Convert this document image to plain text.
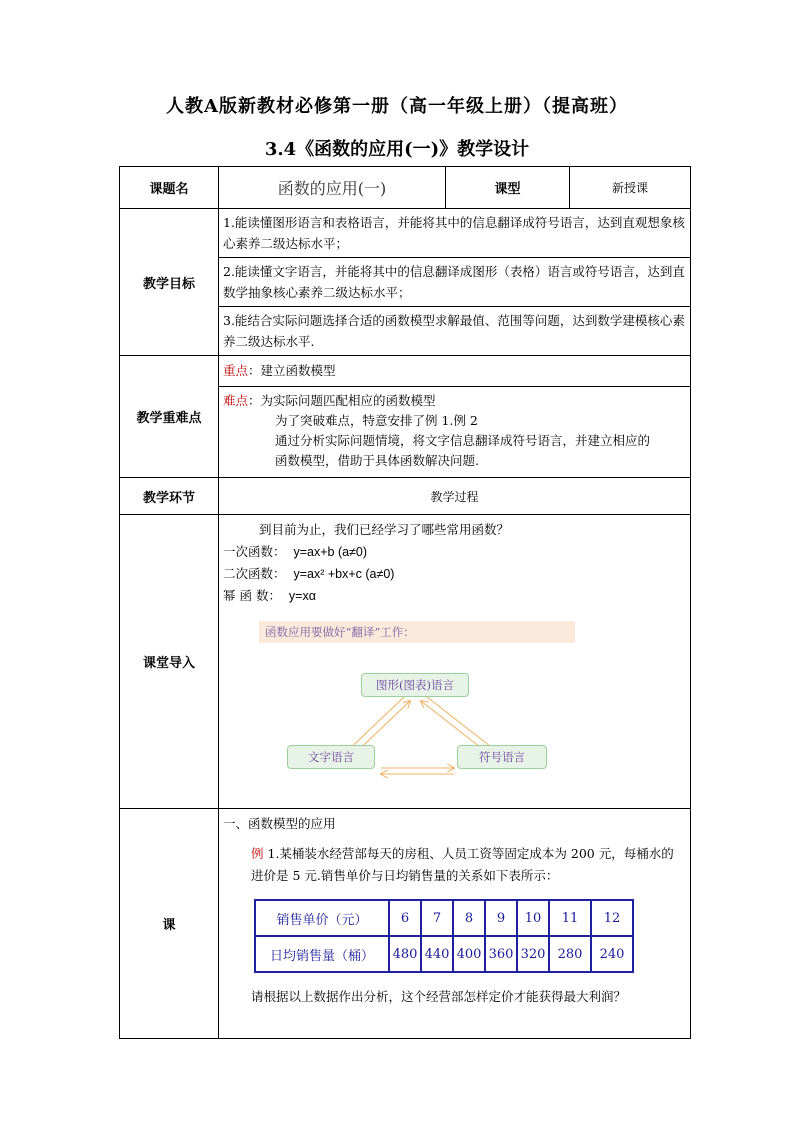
人教A版新教材必修第一册（高一年级上册）（提高班）
3.4《函数的应用(一)》教学设计
课题名	函数的应用(一)	课型	新授课
教学目标	
1.能读懂图形语言和表格语言，并能将其中的信息翻译成符号语言，达到直观想象核心素养二级达标水平；
2.能读懂文字语言，并能将其中的信息翻译成图形（表格）语言或符号语言，达到直数学抽象核心素养二级达标水平；
3.能结合实际问题选择合适的函数模型求解最值、范围等问题，达到数学建模核心素养二级达标水平.

教学重难点	
重点：建立函数模型
难点：为实际问题匹配相应的函数模型
为了突破难点，特意安排了例 1.例 2
通过分析实际问题情境，将文字信息翻译成符号语言，并建立相应的
函数模型，借助于具体函数解决问题.

教学环节	教学过程
课堂导入	
到目前为止，我们已经学习了哪些常用函数？
一次函数： y=ax+b (a≠0)
二次函数： y=ax² +bx+c (a≠0)
幂 函 数： y=xα
函数应用要做好“翻译”工作：
图形(图表)语言
文字语言	符号语言

课	
一、函数模型的应用
例 1.某桶装水经营部每天的房租、人员工资等固定成本为 200 元，每桶水的进价是 5 元.销售单价与日均销售量的关系如下表所示：
销售单价（元）	6	7	8	9	10	11	12
日均销售量（桶）	480	440	400	360	320	280	240
请根据以上数据作出分析，这个经营部怎样定价才能获得最大利润？
